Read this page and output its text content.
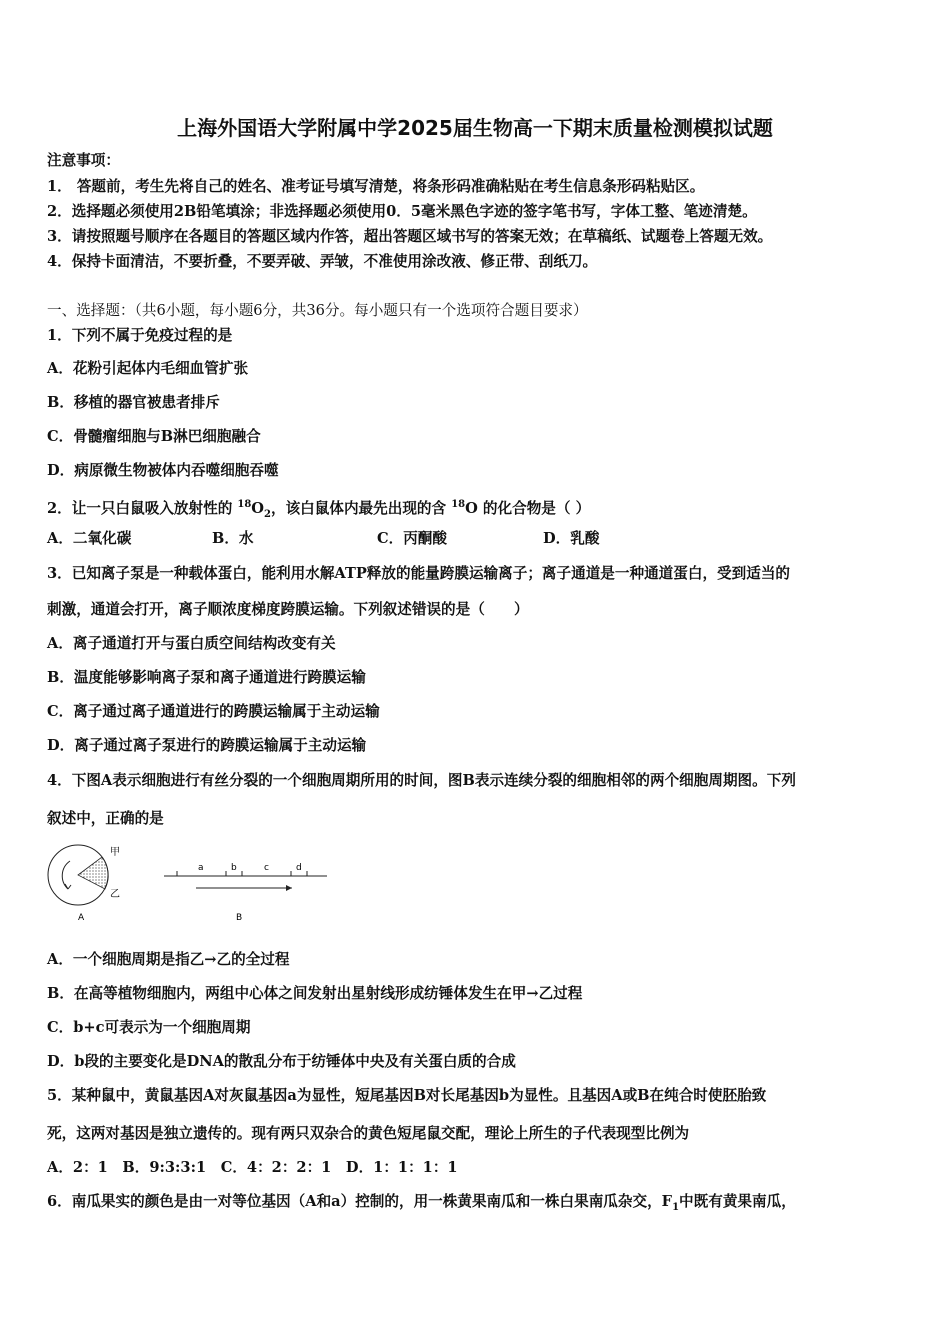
上海外国语大学附属中学2025届生物高一下期末质量检测模拟试题
注意事项：
1． 答题前，考生先将自己的姓名、准考证号填写清楚，将条形码准确粘贴在考生信息条形码粘贴区。
2．选择题必须使用2B铅笔填涂；非选择题必须使用0．5毫米黑色字迹的签字笔书写，字体工整、笔迹清楚。
3．请按照题号顺序在各题目的答题区域内作答，超出答题区域书写的答案无效；在草稿纸、试题卷上答题无效。
4．保持卡面清洁，不要折叠，不要弄破、弄皱，不准使用涂改液、修正带、刮纸刀。
一、选择题：（共6小题，每小题6分，共36分。每小题只有一个选项符合题目要求）
1．下列不属于免疫过程的是
A．花粉引起体内毛细血管扩张
B．移植的器官被患者排斥
C．骨髓瘤细胞与B淋巴细胞融合
D．病原微生物被体内吞噬细胞吞噬
2．让一只白鼠吸入放射性的 $^{18}O_2$，该白鼠体内最先出现的含 $^{18}$O 的化合物是（ ）
A．二氧化碳	B．水	C．丙酮酸	D．乳酸
3．已知离子泵是一种载体蛋白，能利用水解ATP释放的能量跨膜运输离子；离子通道是一种通道蛋白，受到适当的
刺激，通道会打开，离子顺浓度梯度跨膜运输。下列叙述错误的是（　　）
A．离子通道打开与蛋白质空间结构改变有关
B．温度能够影响离子泵和离子通道进行跨膜运输
C．离子通过离子通道进行的跨膜运输属于主动运输
D．离子通过离子泵进行的跨膜运输属于主动运输
4．下图A表示细胞进行有丝分裂的一个细胞周期所用的时间，图B表示连续分裂的细胞相邻的两个细胞周期图。下列
叙述中，正确的是
甲
乙
A
a	b	c	d
B
A．一个细胞周期是指乙→乙的全过程
B．在高等植物细胞内，两组中心体之间发射出星射线形成纺锤体发生在甲→乙过程
C．b+c可表示为一个细胞周期
D．b段的主要变化是DNA的散乱分布于纺锤体中央及有关蛋白质的合成
5．某种鼠中，黄鼠基因A对灰鼠基因a为显性，短尾基因B对长尾基因b为显性。且基因A或B在纯合时使胚胎致
死，这两对基因是独立遗传的。现有两只双杂合的黄色短尾鼠交配，理论上所生的子代表现型比例为
A．2：1　B．9:3:3:1　C．4：2：2：1　D．1：1：1：1
6．南瓜果实的颜色是由一对等位基因（A和a）控制的，用一株黄果南瓜和一株白果南瓜杂交，$F_1$中既有黄果南瓜，
